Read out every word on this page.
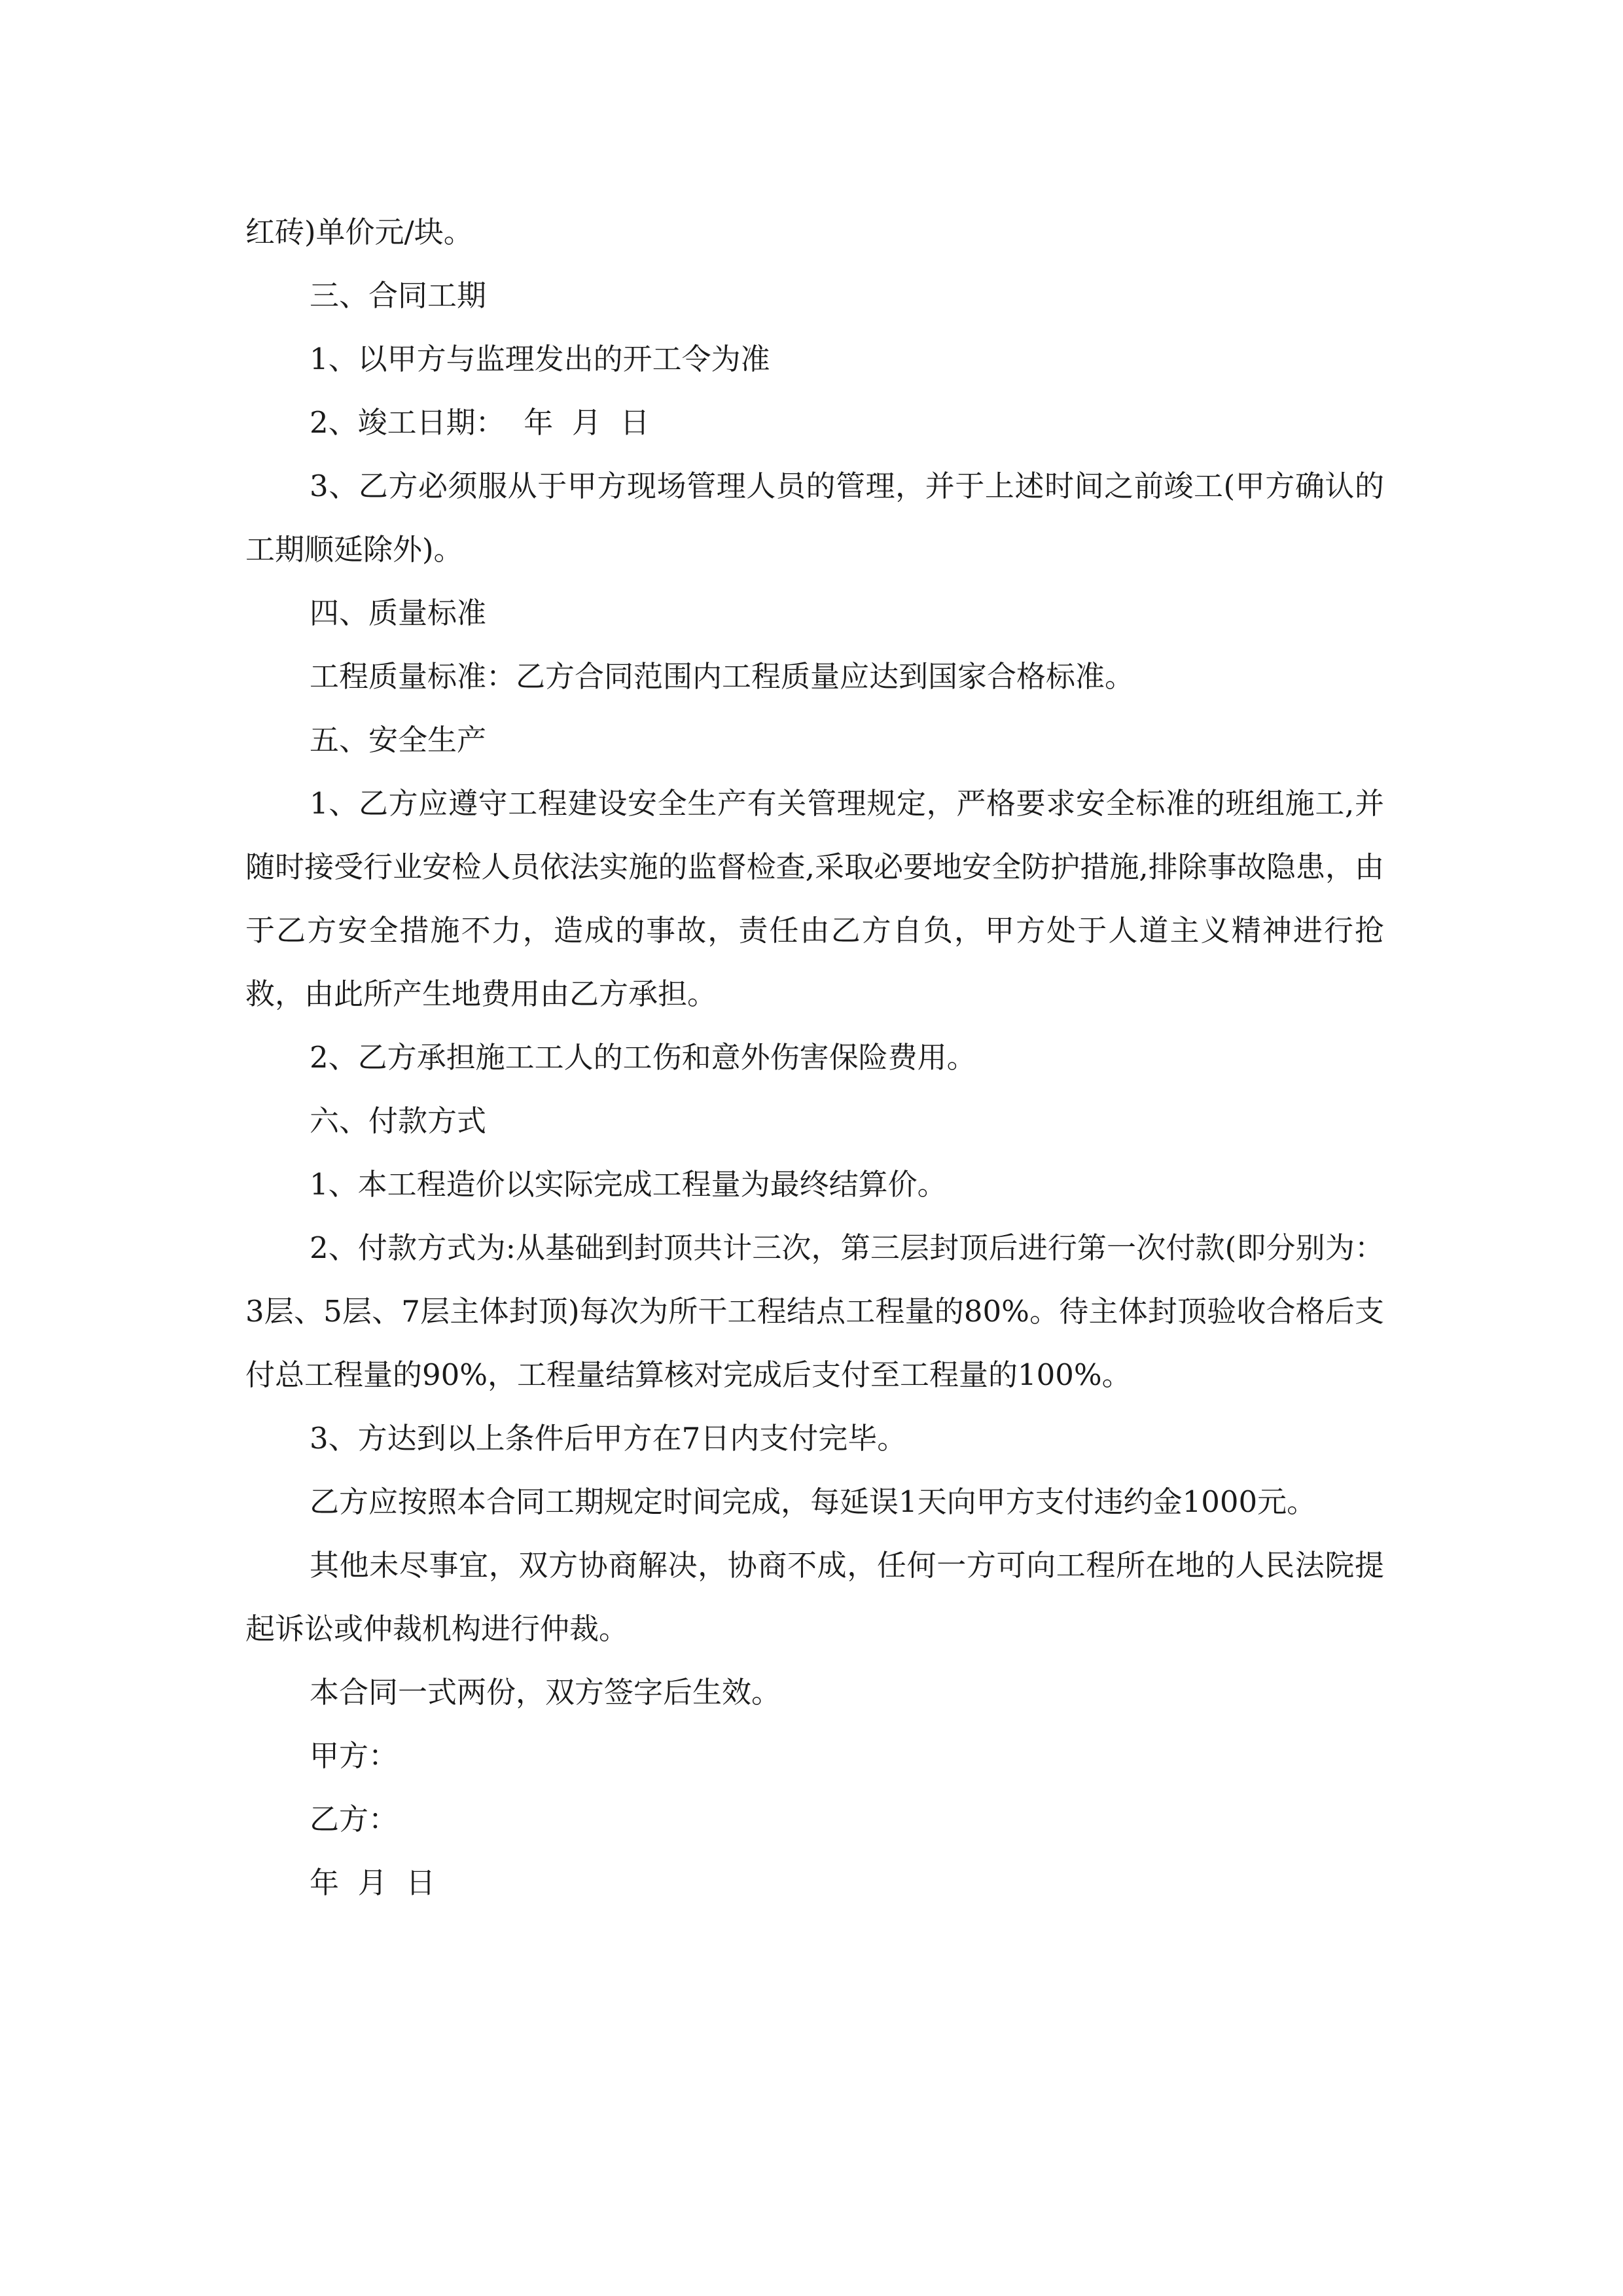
红砖)单价元/块。

三、合同工期

1、以甲方与监理发出的开工令为准

2、竣工日期：  年  月  日

3、乙方必须服从于甲方现场管理人员的管理，并于上述时间之前竣工(甲方确认的工期顺延除外)。

四、质量标准

工程质量标准：乙方合同范围内工程质量应达到国家合格标准。

五、安全生产

1、乙方应遵守工程建设安全生产有关管理规定，严格要求安全标准的班组施工,并随时接受行业安检人员依法实施的监督检查,采取必要地安全防护措施,排除事故隐患，由于乙方安全措施不力，造成的事故，责任由乙方自负，甲方处于人道主义精神进行抢救，由此所产生地费用由乙方承担。

2、乙方承担施工工人的工伤和意外伤害保险费用。

六、付款方式

1、本工程造价以实际完成工程量为最终结算价。

2、付款方式为:从基础到封顶共计三次，第三层封顶后进行第一次付款(即分别为：3层、5层、7层主体封顶)每次为所干工程结点工程量的80%。待主体封顶验收合格后支付总工程量的90%，工程量结算核对完成后支付至工程量的100%。

3、方达到以上条件后甲方在7日内支付完毕。

乙方应按照本合同工期规定时间完成，每延误1天向甲方支付违约金1000元。

其他未尽事宜，双方协商解决，协商不成，任何一方可向工程所在地的人民法院提起诉讼或仲裁机构进行仲裁。

本合同一式两份，双方签字后生效。

甲方：

乙方：

年  月  日
